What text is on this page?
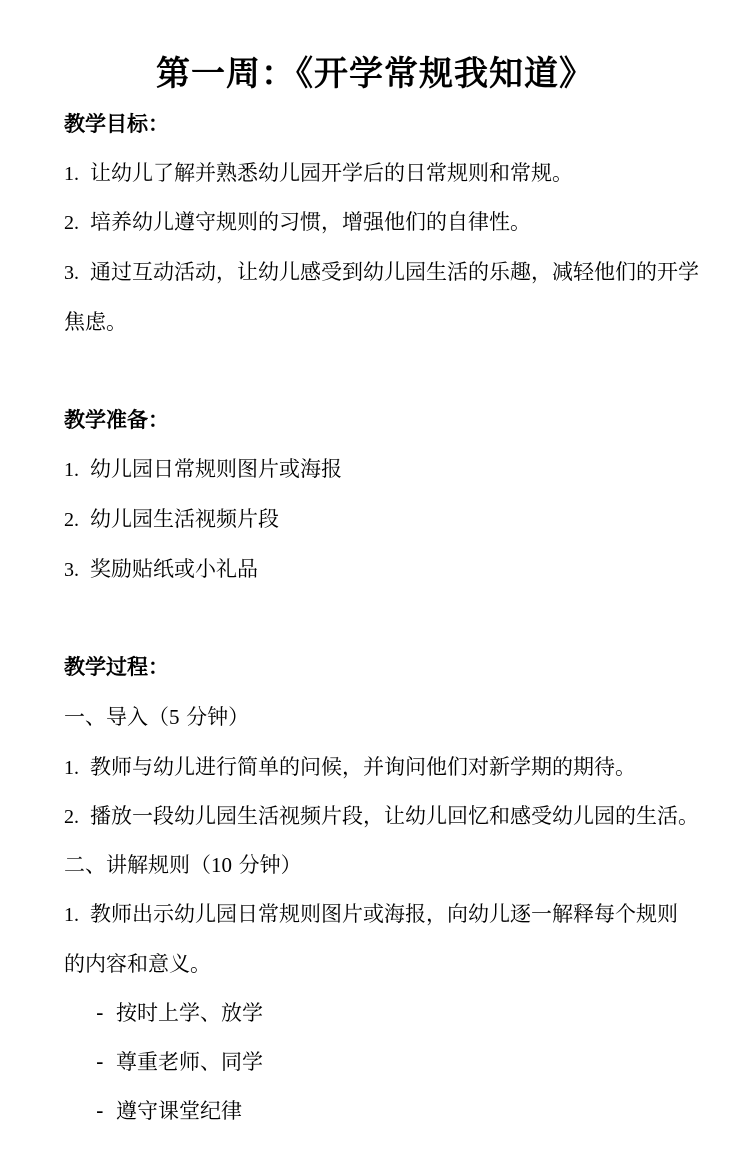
第一周：《开学常规我知道》
教学目标：
1. 让幼儿了解并熟悉幼儿园开学后的日常规则和常规。
2. 培养幼儿遵守规则的习惯，增强他们的自律性。
3. 通过互动活动，让幼儿感受到幼儿园生活的乐趣，减轻他们的开学
焦虑。
教学准备：
1. 幼儿园日常规则图片或海报
2. 幼儿园生活视频片段
3. 奖励贴纸或小礼品
教学过程：
一、导入（5 分钟）
1. 教师与幼儿进行简单的问候，并询问他们对新学期的期待。
2. 播放一段幼儿园生活视频片段，让幼儿回忆和感受幼儿园的生活。
二、讲解规则（10 分钟）
1. 教师出示幼儿园日常规则图片或海报，向幼儿逐一解释每个规则
的内容和意义。
- 按时上学、放学
- 尊重老师、同学
- 遵守课堂纪律
